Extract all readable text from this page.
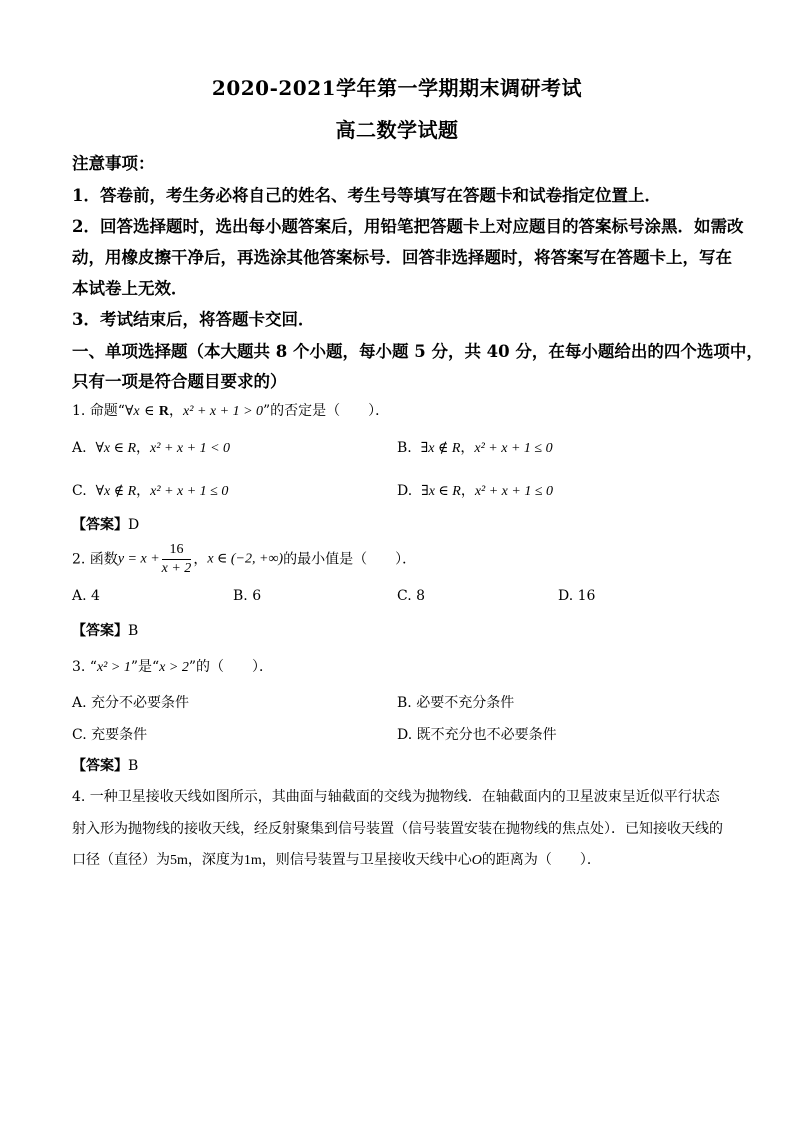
2020-2021学年第一学期期末调研考试
高二数学试题
注意事项：
1．答卷前，考生务必将自己的姓名、考生号等填写在答题卡和试卷指定位置上．
2．回答选择题时，选出每小题答案后，用铅笔把答题卡上对应题目的答案标号涂黑．如需改
动，用橡皮擦干净后，再选涂其他答案标号．回答非选择题时，将答案写在答题卡上，写在
本试卷上无效．
3．考试结束后，将答题卡交回．
一、单项选择题（本大题共 8 个小题，每小题 5 分，共 40 分，在每小题给出的四个选项中，
只有一项是符合题目要求的）
1. 命题“∀x ∈ R，x² + x + 1 > 0”的否定是（　　）．
A. ∀x ∈ R，x² + x + 1 < 0	B. ∃x ∉ R，x² + x + 1 ≤ 0
C. ∀x ∉ R，x² + x + 1 ≤ 0	D. ∃x ∈ R，x² + x + 1 ≤ 0
【答案】D
2. 函数$y = x + \frac{16}{x + 2}$ ，x ∈ (−2, +∞)的最小值是（　　）．
A. 4	B. 6	C. 8	D. 16
【答案】B
3. “x² > 1”是“x > 2”的（　　）．
A. 充分不必要条件	B. 必要不充分条件
C. 充要条件	D. 既不充分也不必要条件
【答案】B
4. 一种卫星接收天线如图所示，其曲面与轴截面的交线为抛物线．在轴截面内的卫星波束呈近似平行状态
射入形为抛物线的接收天线，经反射聚集到信号装置（信号装置安装在抛物线的焦点处）．已知接收天线的
口径（直径）为5m，深度为1m，则信号装置与卫星接收天线中心O的距离为（　　）．
